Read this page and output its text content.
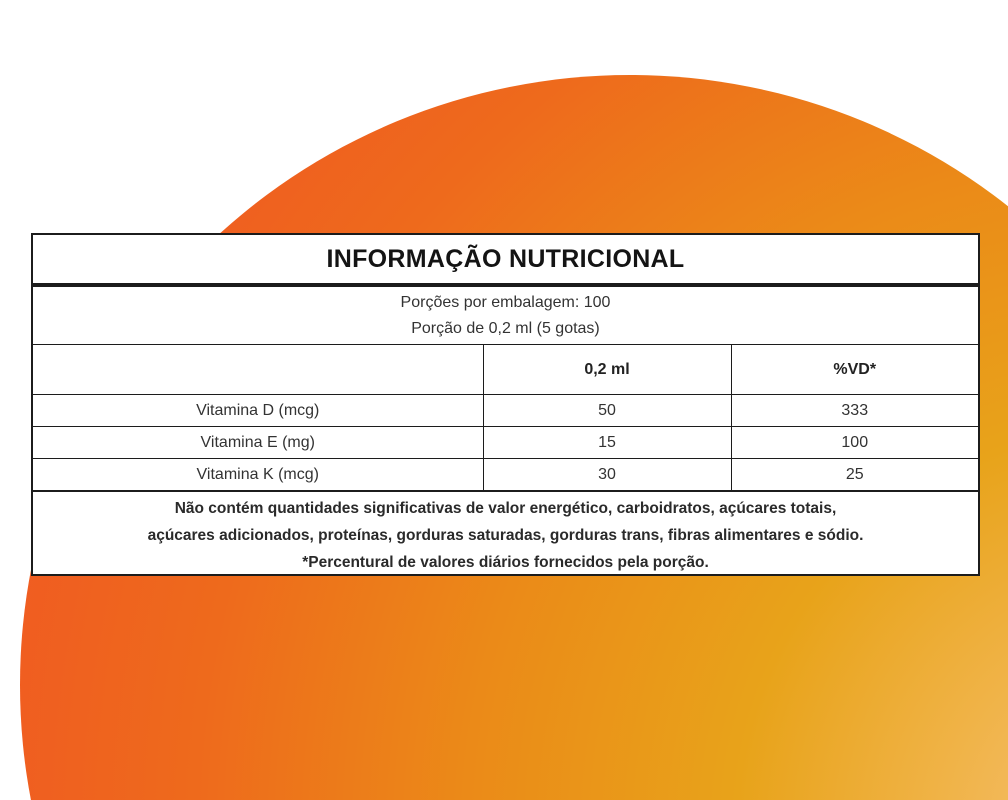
INFORMAÇÃO NUTRICIONAL
Porções por embalagem: 100
Porção de 0,2 ml (5 gotas)
	0,2 ml	%VD*
Vitamina D (mcg)	50	333
Vitamina E (mg)	15	100
Vitamina K (mcg)	30	25
Não contém quantidades significativas de valor energético, carboidratos, açúcares totais,
açúcares adicionados, proteínas, gorduras saturadas, gorduras trans, fibras alimentares e sódio.
*Percentural de valores diários fornecidos pela porção.
